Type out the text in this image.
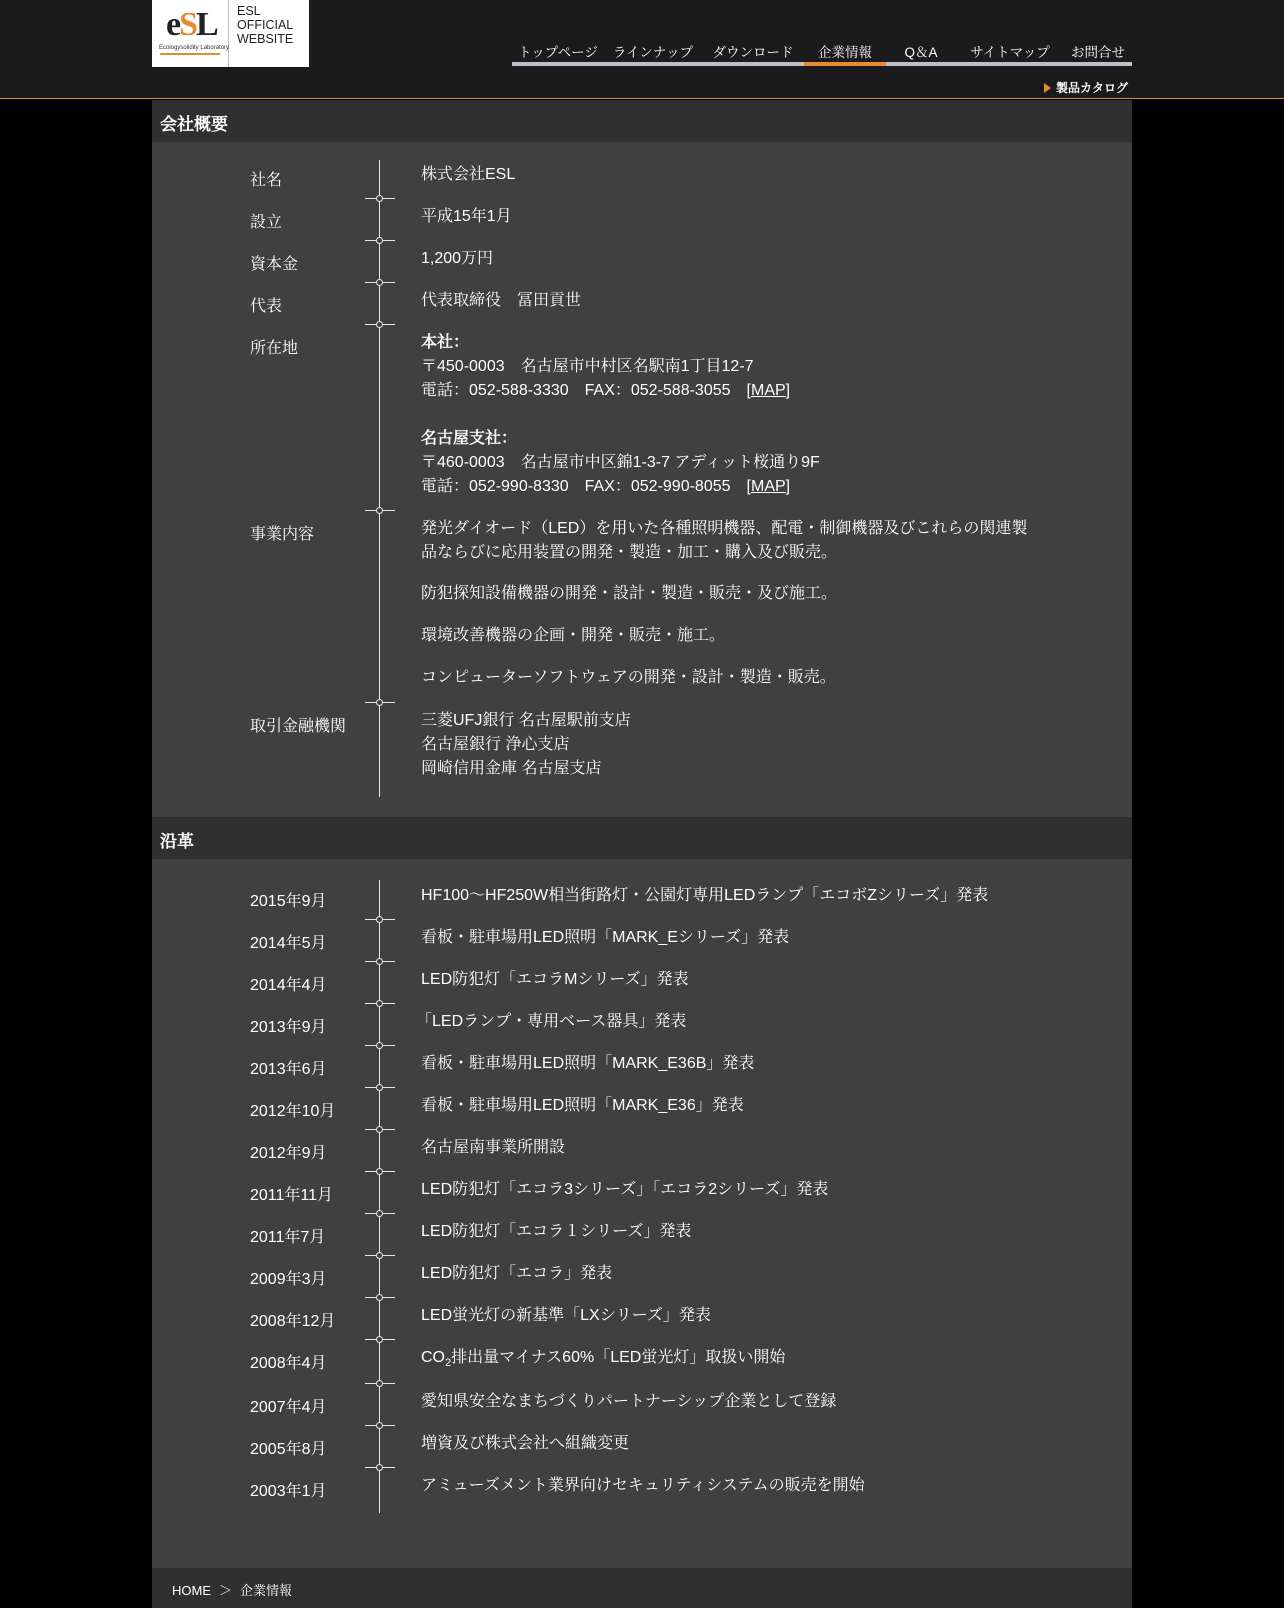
eSL
Ecologysolidity Laboratory
ESL
OFFICIAL
WEBSITE
トップページ	ラインナップ	ダウンロード	企業情報	Q＆A	サイトマップ	お問合せ
製品カタログ
会社概要
社名	株式会社ESL
設立	平成15年1月
資本金	1,200万円
代表	代表取締役　冨田貢世
所在地	本社：
〒450-0003　名古屋市中村区名駅南1丁目12-7
電話：052-588-3330　FAX：052-588-3055　[MAP]
名古屋支社：
〒460-0003　名古屋市中区錦1-3-7 アディット桜通り9F
電話：052-990-8330　FAX：052-990-8055　[MAP]
事業内容	発光ダイオード（LED）を用いた各種照明機器、配電・制御機器及びこれらの関連製
品ならびに応用装置の開発・製造・加工・購入及び販売。
防犯探知設備機器の開発・設計・製造・販売・及び施工。
環境改善機器の企画・開発・販売・施工。
コンピューターソフトウェアの開発・設計・製造・販売。
取引金融機関	三菱UFJ銀行 名古屋駅前支店
名古屋銀行 浄心支店
岡崎信用金庫 名古屋支店
沿革
2015年9月	HF100～HF250W相当街路灯・公園灯専用LEDランプ「エコボZシリーズ」発表
2014年5月	看板・駐車場用LED照明「MARK_Eシリーズ」発表
2014年4月	LED防犯灯「エコラMシリーズ」発表
2013年9月	「LEDランプ・専用ベース器具」発表
2013年6月	看板・駐車場用LED照明「MARK_E36B」発表
2012年10月	看板・駐車場用LED照明「MARK_E36」発表
2012年9月	名古屋南事業所開設
2011年11月	LED防犯灯「エコラ3シリーズ」「エコラ2シリーズ」発表
2011年7月	LED防犯灯「エコラ１シリーズ」発表
2009年3月	LED防犯灯「エコラ」発表
2008年12月	LED蛍光灯の新基準「LXシリーズ」発表
2008年4月	$CO_2$排出量マイナス60%「LED蛍光灯」取扱い開始
2007年4月	愛知県安全なまちづくりパートナーシップ企業として登録
2005年8月	増資及び株式会社へ組織変更
2003年1月	アミューズメント業界向けセキュリティシステムの販売を開始
HOME ＞ 企業情報
